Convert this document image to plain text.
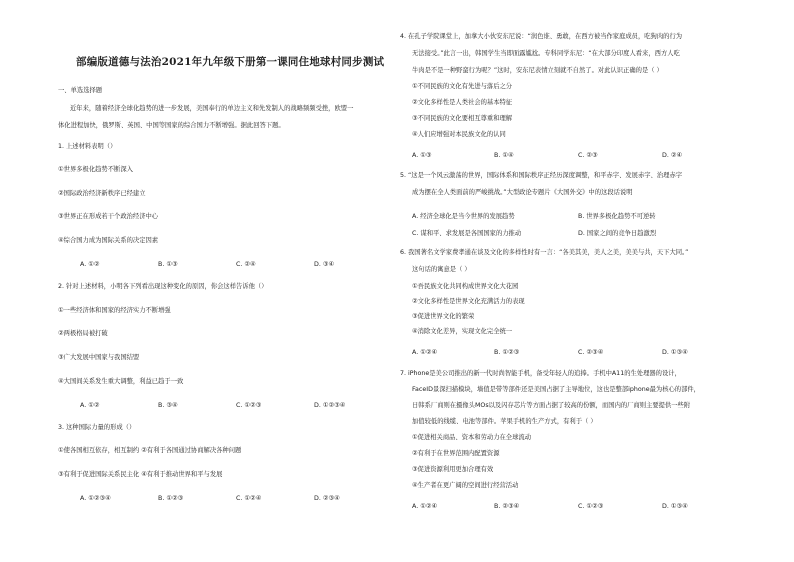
部编版道德与法治2021年九年级下册第一课同住地球村同步测试
一、单选选择题
近年来，随着经济全球化趋势的进一步发展，美国奉行的单边主义和先发制人的战略频频受挫，欧盟一
体化进程加快，俄罗斯、英国、中国等国家的综合国力不断增强。据此回答下题。
1. 上述材料表明（）
①世界多极化趋势不断深入
②国际政治经济新秩序已经建立
③世界正在形成若干个政治经济中心
④综合国力成为国际关系的决定因素
A. ①②	B. ①③	C. ②④	D. ③④
2. 针对上述材料，小明各下列看出现这种变化的原因，你会这样告诉他（）
①一些经济体和国家的经济实力不断增强
②两极格局被打破
③广大发展中国家与我国结盟
④大国间关系发生重大调整，利益已趋于一致
A. ①②	B. ③④	C. ①②③	D. ①②③④
3. 这种国际力量的形成（）
①使各国相互依存，相互制约 ②有利于各国通过协商解决各种问题
③有利于促进国际关系民主化 ④有利于推动世界和平与发展
A. ①②③④	B. ①②③	C. ①②④	D. ②③④
4. 在孔子学院课堂上，加拿大小伙安东尼说：“润色谁、勇敢，在西方被当作家庭成员，吃狗肉的行为
无法接受。”此言一出，韩国学生当即面露尴尬。专科同学东尼：“在大部分印度人看来，西方人吃
牛肉是不是一种野蛮行为呢？”这时，安东尼表情立刻就不自然了。对此认识正确的是（ ）
①不同民族的文化有先进与落后之分
②文化多样性是人类社会的基本特征
③不同民族的文化要相互尊重和理解
④人们应增强对本民族文化的认同
A. ①③	B. ①④	C. ②③	D. ②④
5. “这是一个风云激荡的世界，国际体系和国际秩序正经历深度调整，和平赤字、发展赤字、治理赤字
成为摆在全人类面前的严峻挑战。”大型政论专题片《大国外交》中的这段话说明
A. 经济全球化是当今世界的发展趋势	B. 世界多极化趋势不可逆转
C. 谋和平、求发展是各国国家的力推动	D. 国家之间的竞争日趋激烈
6. 我国著名文学家费孝通在谈及文化的多样性时有一言：“各美其美，美人之美，美美与共，天下大同。”
这句话的寓意是（ ）
①吾民族文化共同构成世界文化大花园
②文化多样性是世界文化充满活力的表现
③促进世界文化的繁荣
④消除文化差异，实现文化完全统一
A. ①②④	B. ①②③	C. ②③④	D. ①③④
7. iPhone是美公司推出的新一代时尚智能手机，备受年轻人的追捧。手机中A11的生处理器的设计，
FaceID景深扫描模块，墙值是带等部件还是美国占据了主导地位，这也是整部iphone最为核心的部件，
日韩系厂商则在摄像头MOs以及闪存芯片等方面占据了较高的份额，而国内的厂商则主要提供一些附
加值较低的线缆、电池等部件。苹果手机的生产方式，有利于（ ）
①促进相关商品、资本和劳动力在全球流动
②有利于在世界范围内配置资源
③促进资源利用更加合理有效
④生产者在更广阔的空间进行经营活动
A. ①②④	B. ②③④	C. ①②③	D. ①③④
